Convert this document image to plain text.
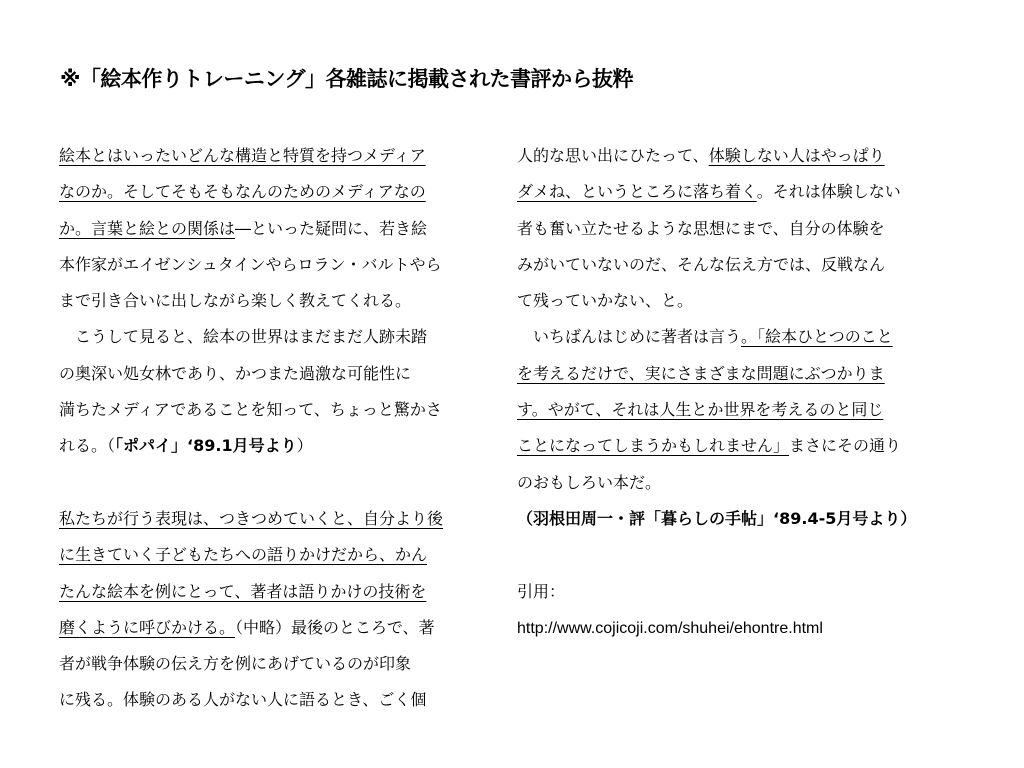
※「絵本作りトレーニング」各雑誌に掲載された書評から抜粋
絵本とはいったいどんな構造と特質を持つメディア
なのか。そしてそもそもなんのためのメディアなの
か。言葉と絵との関係は―といった疑問に、若き絵
本作家がエイゼンシュタインやらロラン・バルトやら
まで引き合いに出しながら楽しく教えてくれる。
　こうして見ると、絵本の世界はまだまだ人跡未踏
の奥深い処女林であり、かつまた過激な可能性に
満ちたメディアであることを知って、ちょっと驚かさ
れる。（「ポパイ」‘89.1月号より）
私たちが行う表現は、つきつめていくと、自分より後
に生きていく子どもたちへの語りかけだから、かん
たんな絵本を例にとって、著者は語りかけの技術を
磨くように呼びかける。（中略）最後のところで、著
者が戦争体験の伝え方を例にあげているのが印象
に残る。体験のある人がない人に語るとき、ごく個
人的な思い出にひたって、体験しない人はやっぱり
ダメね、というところに落ち着く。それは体験しない
者も奮い立たせるような思想にまで、自分の体験を
みがいていないのだ、そんな伝え方では、反戦なん
て残っていかない、と。
　いちばんはじめに著者は言う。「絵本ひとつのこと
を考えるだけで、実にさまざまな問題にぶつかりま
す。やがて、それは人生とか世界を考えるのと同じ
ことになってしまうかもしれません」まさにその通り
のおもしろい本だ。
（羽根田周一・評「暮らしの手帖」‘89.4-5月号より）
引用：
http://www.cojicoji.com/shuhei/ehontre.html
